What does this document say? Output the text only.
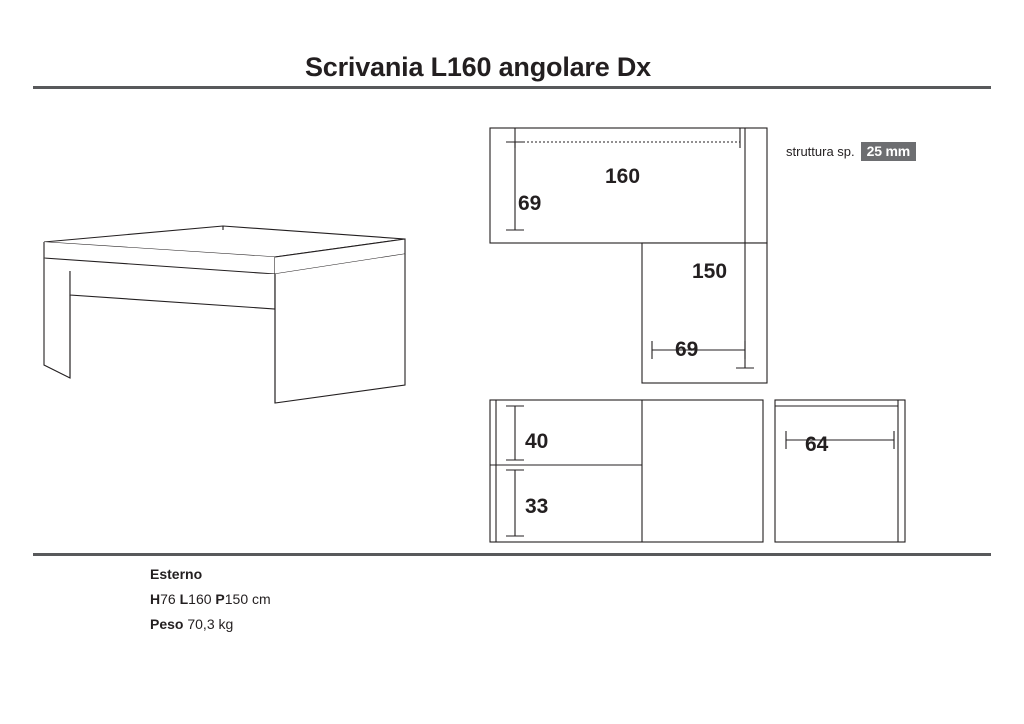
Scrivania L160 angolare Dx
160
69
150
69
40
33
64
struttura sp. 25 mm
Esterno
H76 L160 P150 cm
Peso 70,3 kg
